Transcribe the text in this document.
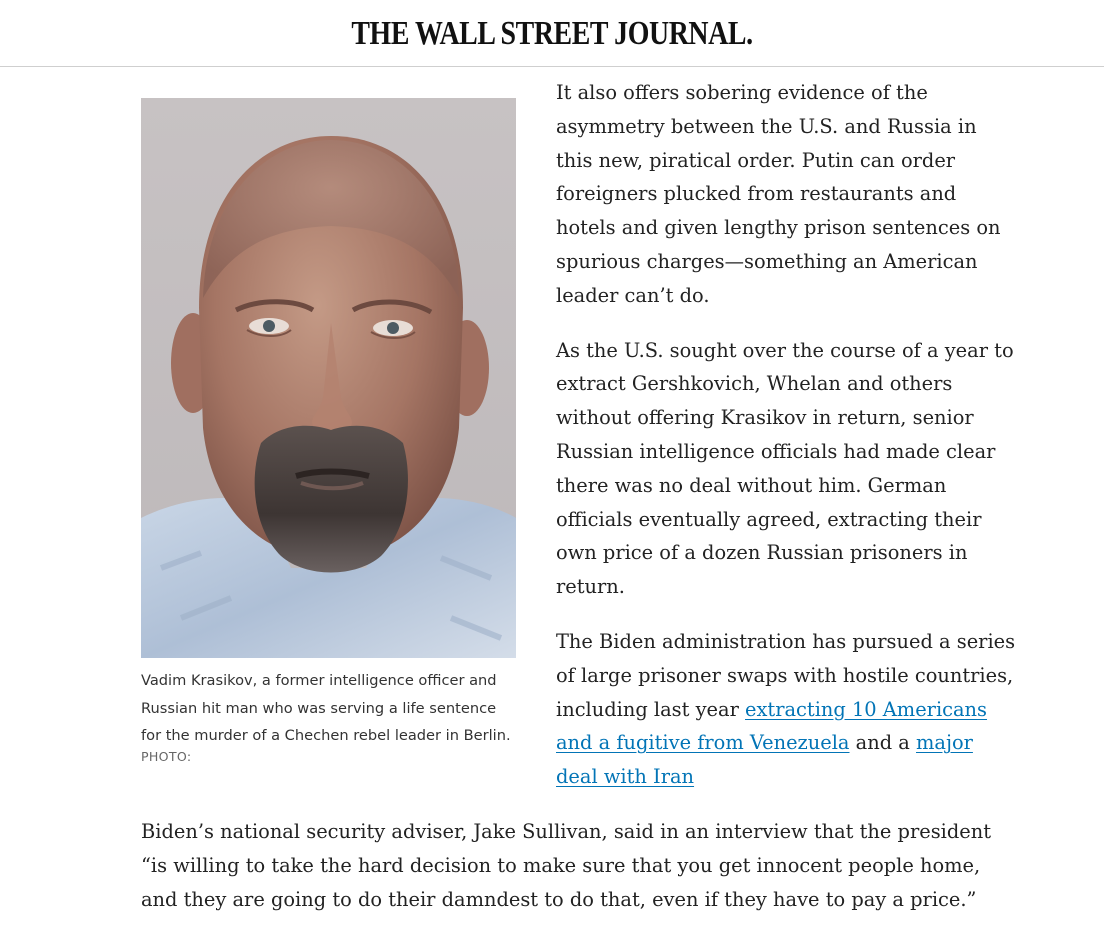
THE WALL STREET JOURNAL.
Vadim Krasikov, a former intelligence officer and
Russian hit man who was serving a life sentence
for the murder of a Chechen rebel leader in Berlin.
PHOTO:

It also offers sobering evidence of the asymmetry between the U.S. and Russia in this new, piratical order. Putin can order foreigners plucked from restaurants and hotels and given lengthy prison sentences on spurious charges—something an American leader can’t do.

As the U.S. sought over the course of a year to extract Gershkovich, Whelan and others without offering Krasikov in return, senior Russian intelligence officials had made clear there was no deal without him. German officials eventually agreed, extracting their own price of a dozen Russian prisoners in return.

The Biden administration has pursued a series of large prisoner swaps with hostile countries, including last year extracting 10 Americans and a fugitive from Venezuela and a major deal with Iran

Biden’s national security adviser, Jake Sullivan, said in an interview that the president “is willing to take the hard decision to make sure that you get innocent people home, and they are going to do their damndest to do that, even if they have to pay a price.”
